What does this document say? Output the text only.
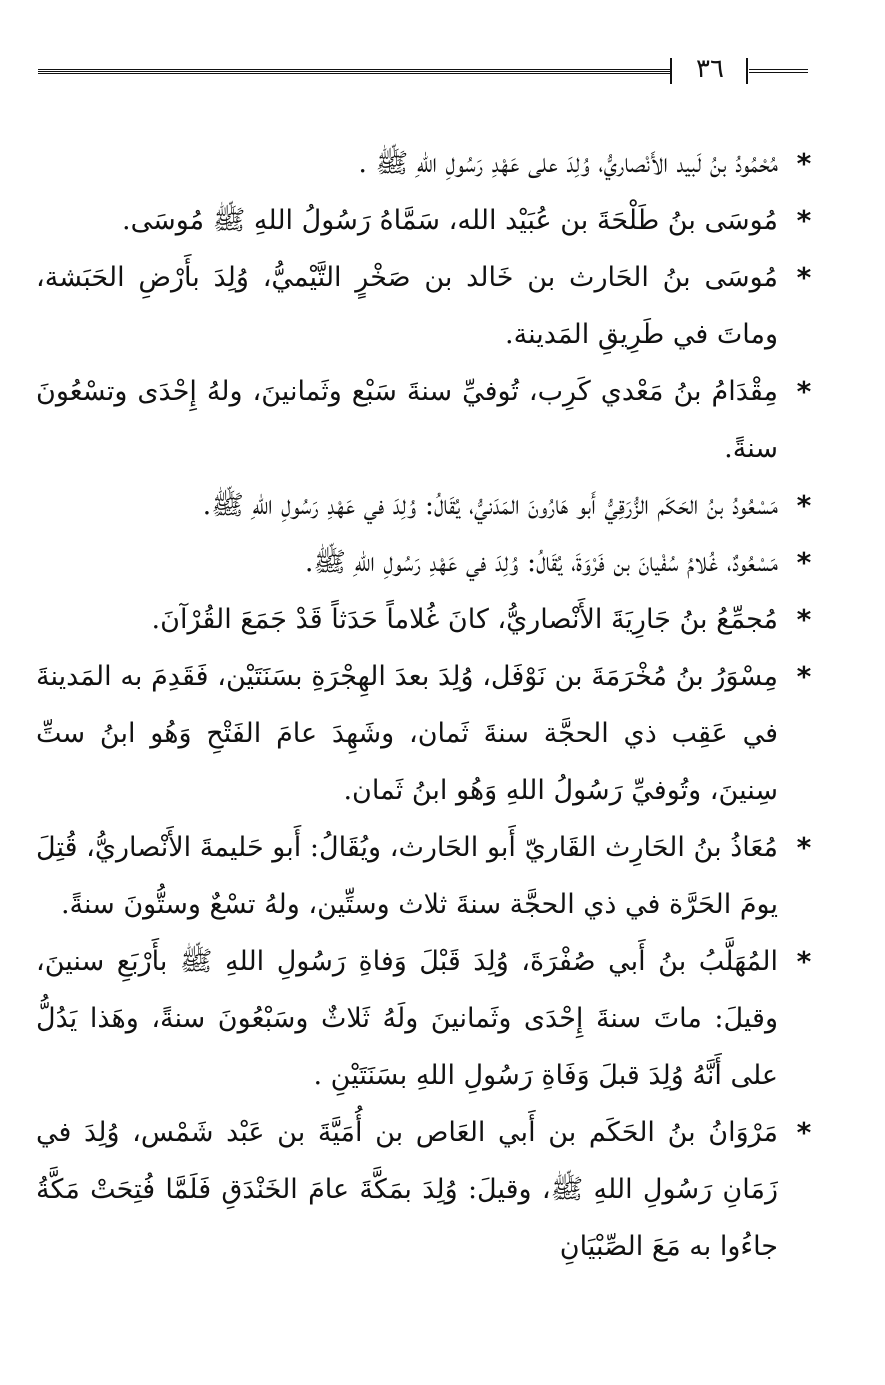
٣٦

*
مُحْمُودُ بنُ لَبيد الأَنْصاريُّ، وُلِدَ على عَهْدِ رَسُولِ اللهِ ﷺ .

*
مُوسَى بنُ طَلْحَةَ بن عُبَيْد الله، سَمَّاهُ رَسُولُ اللهِ ﷺ مُوسَى.

*
مُوسَى بنُ الحَارث بن خَالد بن صَخْرٍ التَّيْميُّ، وُلِدَ بأَرْضِ الحَبَشة، وماتَ في طَرِيقِ المَدينة.

*
مِقْدَامُ بنُ مَعْدي كَرِب، تُوفيِّ سنةَ سَبْع وثَمانينَ، ولهُ إِحْدَى وتسْعُونَ سنةً.

*
مَسْعُودُ بنُ الحَكَم الزُّرَقِيُّ أَبو هَارُونَ المَدَنيُّ، يُقَالُ: وُلِدَ في عَهْدِ رَسُولِ اللهِ ﷺ.

*
مَسْعُودٌ، غُلامُ سُفْيانَ بن فَرْوَةَ، يُقَالُ: وُلِدَ في عَهْدِ رَسُولِ اللهِ ﷺ.

*
مُجمِّعُ بنُ جَارِيَةَ الأَنْصاريُّ، كانَ غُلاماً حَدَثاً قَدْ جَمَعَ القُرْآنَ.

*
مِسْوَرُ بنُ مُخْرَمَةَ بن نَوْفَل، وُلِدَ بعدَ الهِجْرَةِ بسَنَتَيْن، فَقَدِمَ به المَدينةَ في عَقِب ذي الحجَّة سنةَ ثَمان، وشَهِدَ عامَ الفَتْحِ وَهُو ابنُ ستِّ سِنينَ، وتُوفيِّ رَسُولُ اللهِ وَهُو ابنُ ثَمان.

*
مُعَاذُ بنُ الحَارِث القَاريّ أَبو الحَارث، ويُقَالُ: أَبو حَليمةَ الأَنْصاريُّ، قُتِلَ يومَ الحَرَّة في ذي الحجَّة سنةَ ثلاث وستِّين، ولهُ تسْعٌ وستُّونَ سنةً.

*
المُهَلَّبُ بنُ أَبي صُفْرَةَ، وُلِدَ قَبْلَ وَفاةِ رَسُولِ اللهِ ﷺ بأَرْبَعِ سنينَ، وقيلَ: ماتَ سنةَ إِحْدَى وثَمانينَ ولَهُ ثَلاثٌ وسَبْعُونَ سنةً، وهَذا يَدُلُّ على أَنَّهُ وُلِدَ قبلَ وَفَاةِ رَسُولِ اللهِ بسَنَتَيْنِ .

*
مَرْوَانُ بنُ الحَكَم بن أَبي العَاص بن أُمَيَّةَ بن عَبْد شَمْس، وُلِدَ في زَمَانِ رَسُولِ اللهِ ﷺ، وقيلَ: وُلِدَ بمَكَّةَ عامَ الخَنْدَقِ فَلَمَّا فُتِحَتْ مَكَّةُ جاءُوا به مَعَ الصِّبْيَانِ
